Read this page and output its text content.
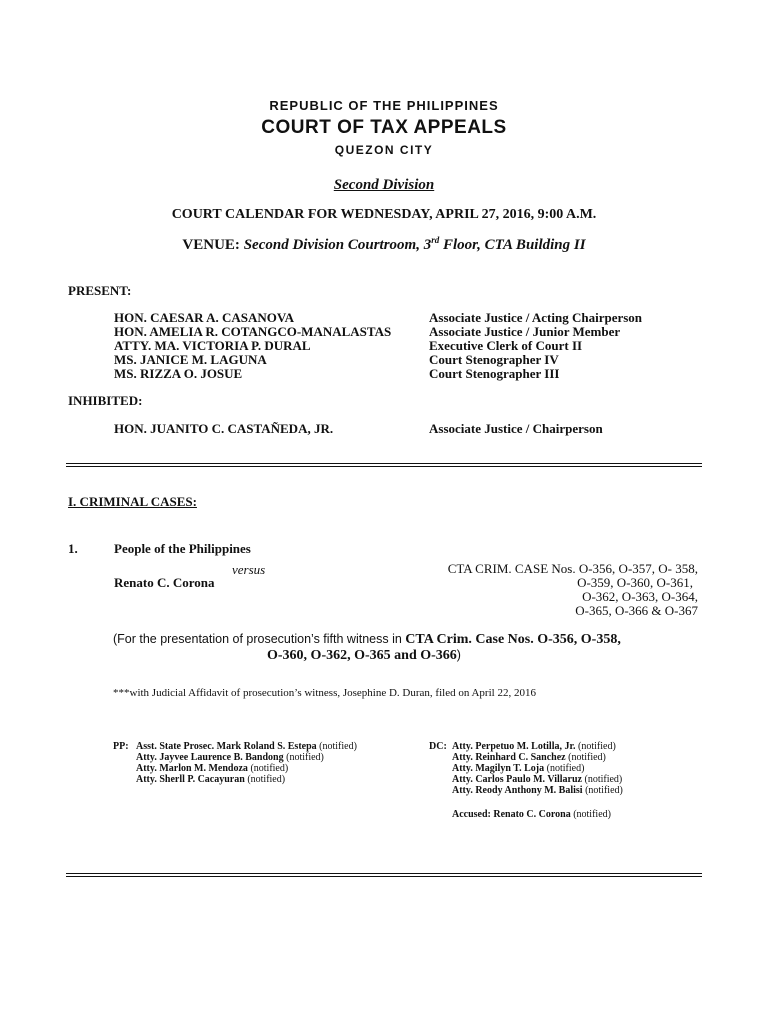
REPUBLIC OF THE PHILIPPINES
COURT OF TAX APPEALS
QUEZON CITY
Second Division
COURT CALENDAR FOR WEDNESDAY, APRIL 27, 2016, 9:00 A.M.
VENUE: Second Division Courtroom, 3rd Floor, CTA Building II
PRESENT:
HON. CAESAR A. CASANOVA	Associate Justice / Acting Chairperson
HON. AMELIA R. COTANGCO-MANALASTAS	Associate Justice / Junior Member
ATTY. MA. VICTORIA P. DURAL	Executive Clerk of Court II
MS. JANICE M. LAGUNA	Court Stenographer IV
MS. RIZZA O. JOSUE	Court Stenographer III
INHIBITED:
HON. JUANITO C. CASTAÑEDA, JR.	Associate Justice / Chairperson
I. CRIMINAL CASES:
1.	People of the Philippines
versus
Renato C. Corona
CTA CRIM. CASE Nos. O-356, O-357, O- 358,
O-359, O-360, O-361,
O-362, O-363, O-364,
O-365, O-366 & O-367
(For the presentation of prosecution’s fifth witness in CTA Crim. Case Nos. O-356, O-358,
O-360, O-362, O-365 and O-366)
***with Judicial Affidavit of prosecution’s witness, Josephine D. Duran, filed on April 22, 2016
PP: Asst. State Prosec. Mark Roland S. Estepa (notified)
Atty. Jayvee Laurence B. Bandong (notified)
Atty. Marlon M. Mendoza (notified)
Atty. Sherll P. Cacayuran (notified)
DC: Atty. Perpetuo M. Lotilla, Jr. (notified)
Atty. Reinhard C. Sanchez (notified)
Atty. Magilyn T. Loja (notified)
Atty. Carlos Paulo M. Villaruz (notified)
Atty. Reody Anthony M. Balisi (notified)
Accused: Renato C. Corona (notified)
